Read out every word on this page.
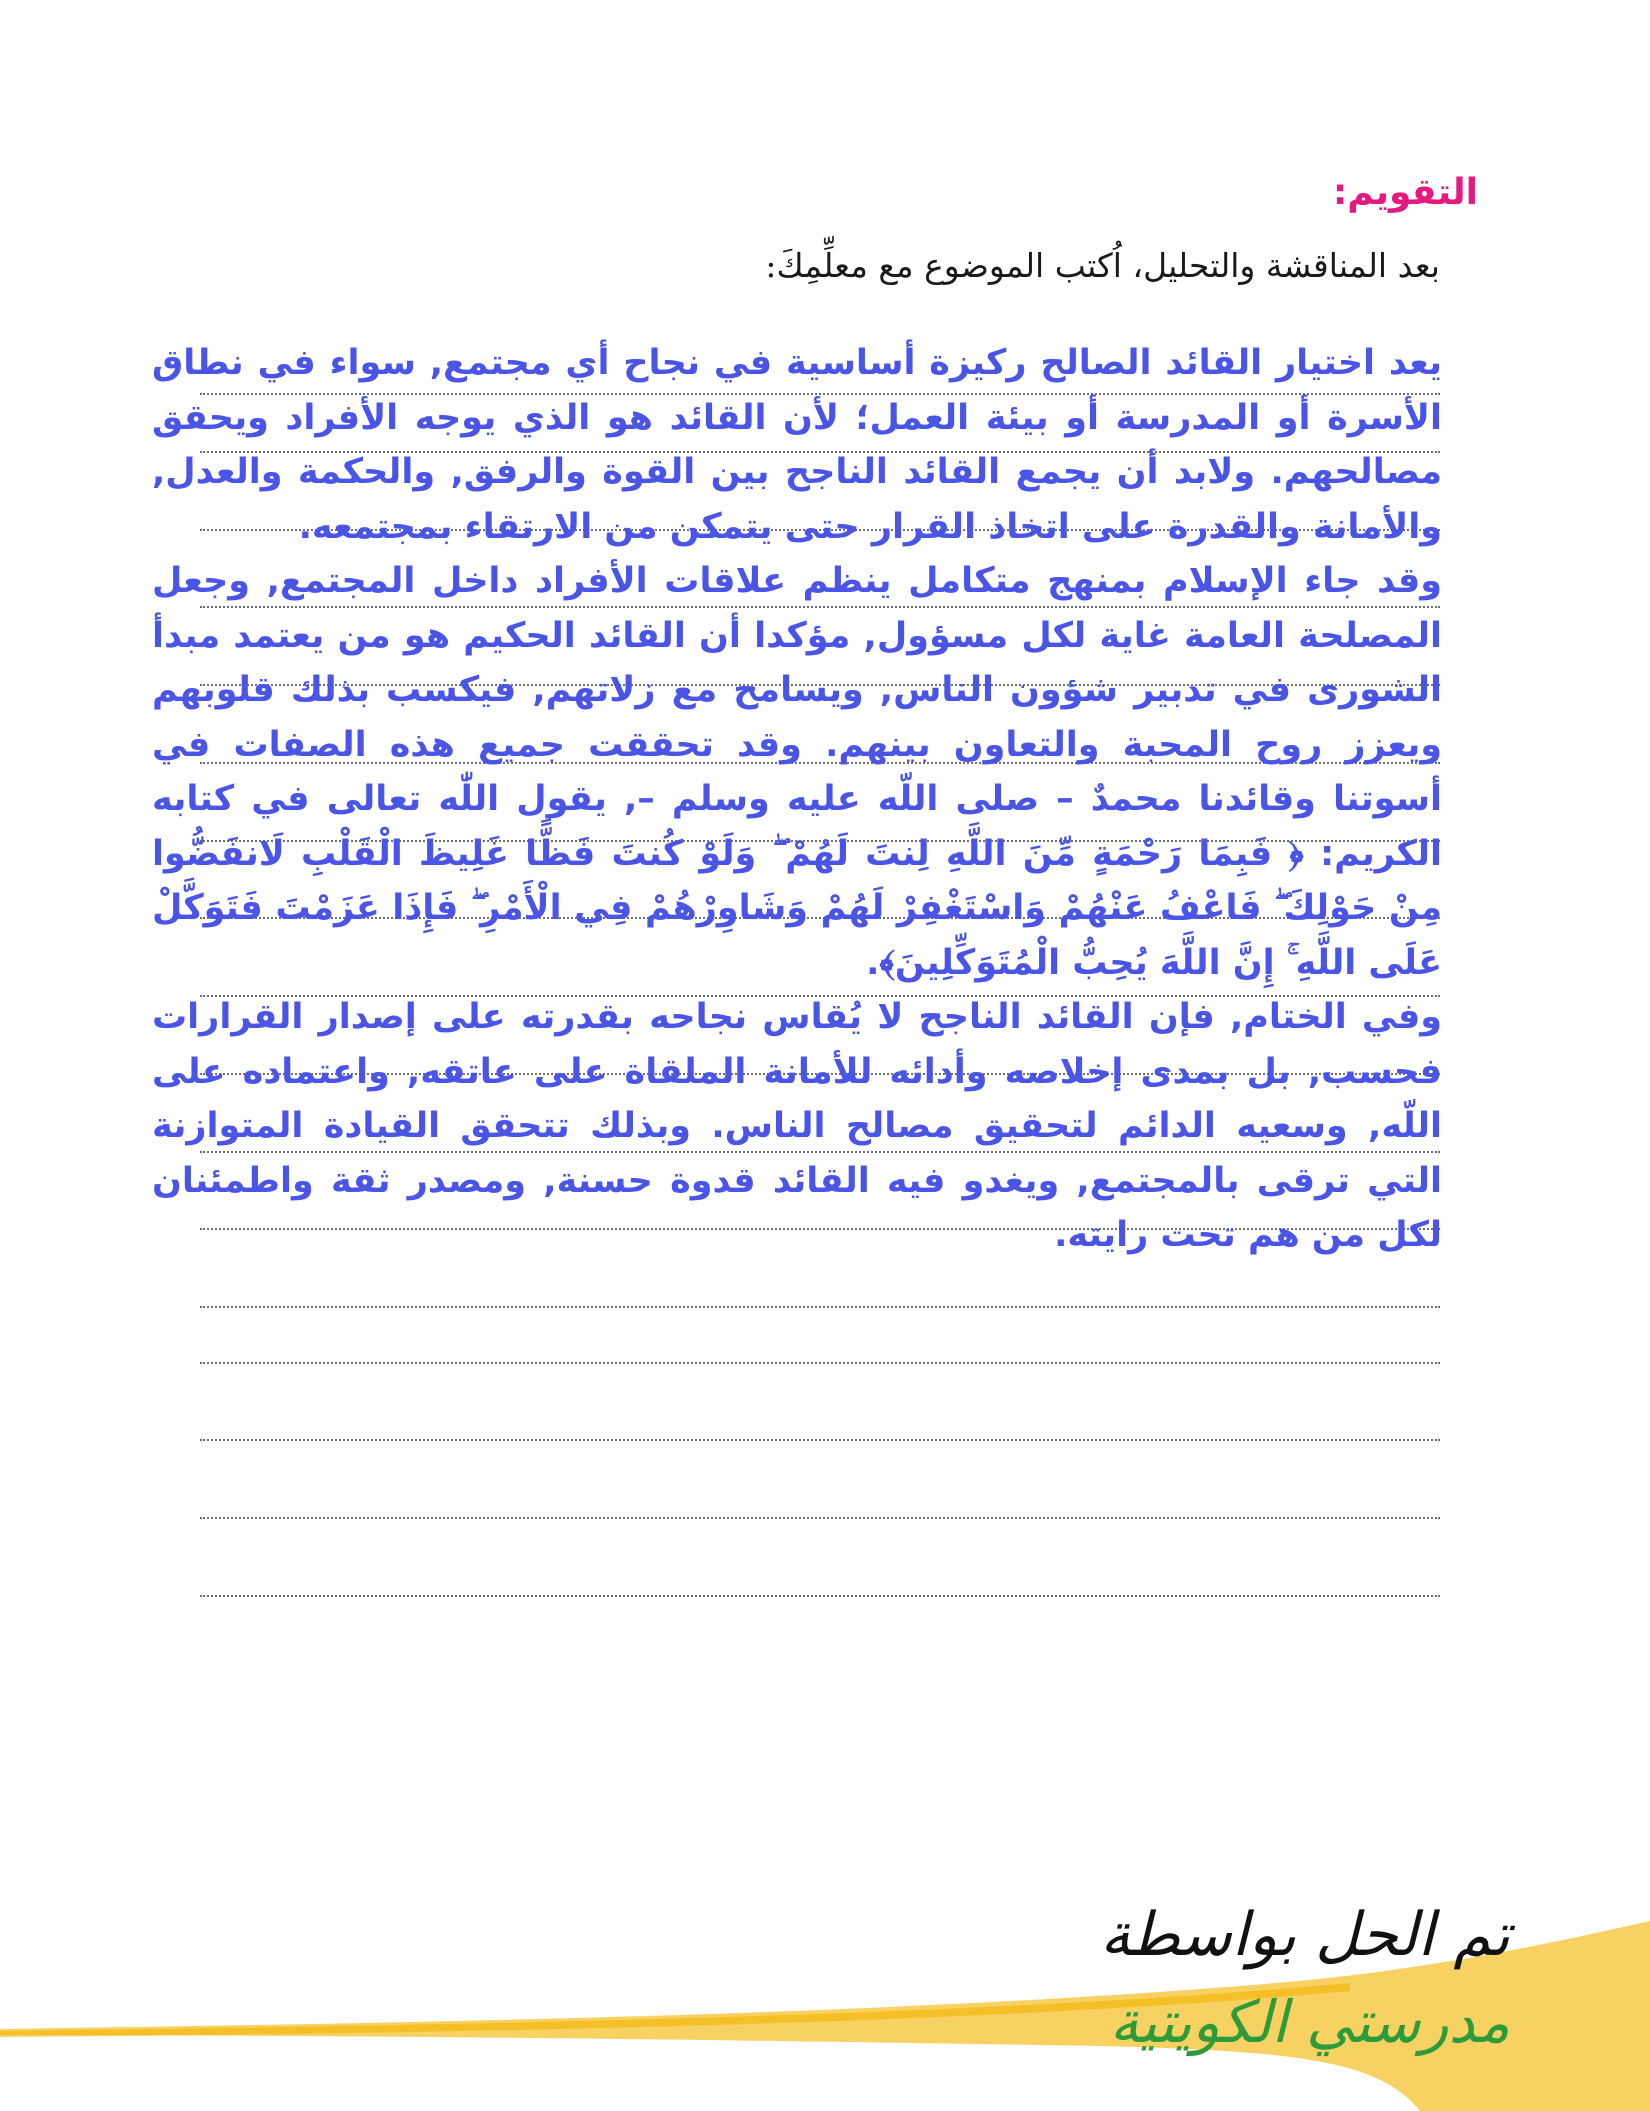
التقويم:

بعد المناقشة والتحليل، اُكتب الموضوع مع معلِّمِكَ:

يعد اختيار القائد الصالح ركيزة أساسية في نجاح أي مجتمع, سواء في نطاق الأسرة أو المدرسة أو بيئة العمل؛ لأن القائد هو الذي يوجه الأفراد ويحقق مصالحهم. ولابد أن يجمع القائد الناجح بين القوة والرفق, والحكمة والعدل, والأمانة والقدرة على اتخاذ القرار حتى يتمكن من الارتقاء بمجتمعه.

وقد جاء الإسلام بمنهج متكامل ينظم علاقات الأفراد داخل المجتمع, وجعل المصلحة العامة غاية لكل مسؤول, مؤكدا أن القائد الحكيم هو من يعتمد مبدأ الشورى في تدبير شؤون الناس, ويسامح مع زلاتهم, فيكسب بذلك قلوبهم ويعزز روح المحبة والتعاون بينهم. وقد تحققت جميع هذه الصفات في أسوتنا وقائدنا محمدٌ – صلى اللّه عليه وسلم –, يقول اللّٰه تعالى في كتابه الكريم: ﴿ فَبِمَا رَحْمَةٍ مِّنَ اللَّهِ لِنتَ لَهُمْ ۖ وَلَوْ كُنتَ فَظًّا غَلِيظَ الْقَلْبِ لَانفَضُّوا مِنْ حَوْلِكَ ۖ فَاعْفُ عَنْهُمْ وَاسْتَغْفِرْ لَهُمْ وَشَاوِرْهُمْ فِي الْأَمْرِ ۖ فَإِذَا عَزَمْتَ فَتَوَكَّلْ عَلَى اللَّهِ ۚ إِنَّ اللَّهَ يُحِبُّ الْمُتَوَكِّلِينَ﴾.

وفي الختام, فإن القائد الناجح لا يُقاس نجاحه بقدرته على إصدار القرارات فحسب, بل بمدى إخلاصه وأدائه للأمانة الملقاة على عاتقه, واعتماده على اللّه, وسعيه الدائم لتحقيق مصالح الناس. وبذلك تتحقق القيادة المتوازنة التي ترقى بالمجتمع, ويغدو فيه القائد قدوة حسنة, ومصدر ثقة واطمئنان لكل من هم تحت رايته.

تم الحل بواسطة

مدرستي الكويتية
